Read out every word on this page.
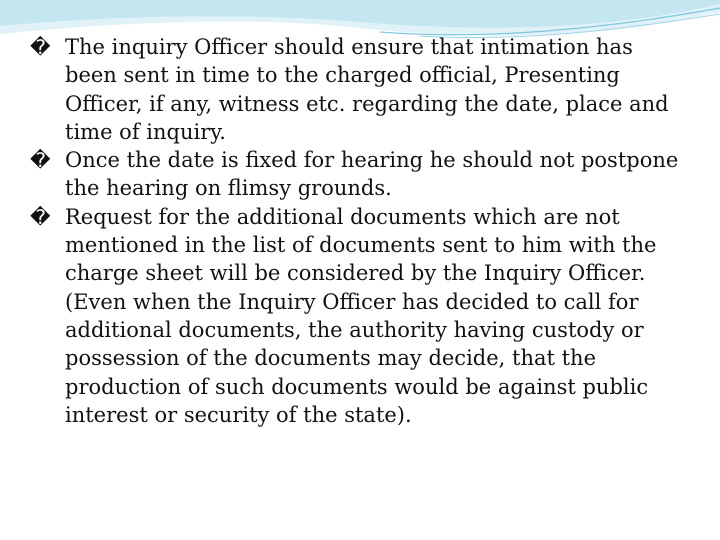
� The inquiry Officer should ensure that intimation has been sent in time to the charged official, Presenting Officer, if any, witness etc. regarding the date, place and time of inquiry.

� Once the date is fixed for hearing he should not postpone the hearing on flimsy grounds.

� Request for the additional documents which are not mentioned in the list of documents sent to him with the charge sheet will be considered by the Inquiry Officer. (Even when the Inquiry Officer has decided to call for additional documents, the authority having custody or possession of the documents may decide, that the production of such documents would be against public interest or security of the state).
